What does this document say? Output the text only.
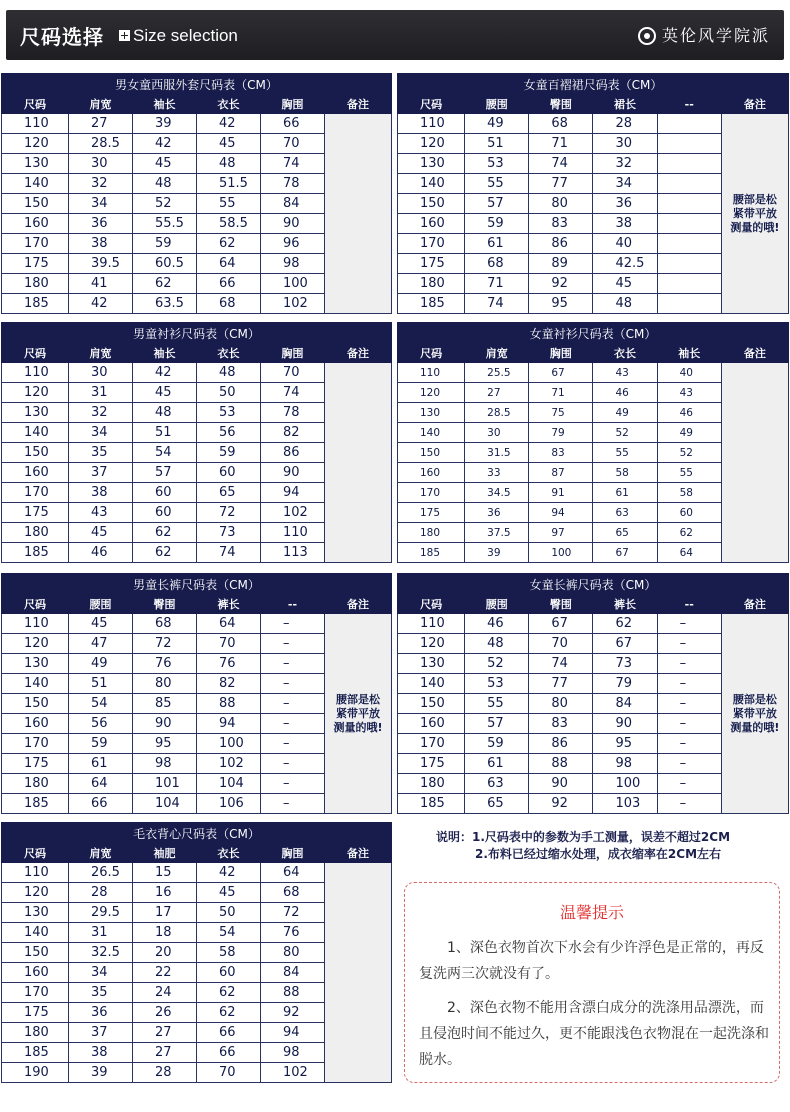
尺码选择	Size selection	英伦风学院派
男女童西服外套尺码表（CM）					
尺码	肩宽	袖长	衣长	胸围	备注
110	27	39	42	66	
120	28.5	42	45	70	
130	30	45	48	74	
140	32	48	51.5	78	
150	34	52	55	84	
160	36	55.5	58.5	90	
170	38	59	62	96	
175	39.5	60.5	64	98	
180	41	62	66	100	
185	42	63.5	68	102	
女童百褶裙尺码表（CM）					
尺码	腰围	臀围	裙长	--	备注
110	49	68	28		腰部是松紧带平放测量的哦!
120	51	71	30		
130	53	74	32		
140	55	77	34		
150	57	80	36		
160	59	83	38		
170	61	86	40		
175	68	89	42.5		
180	71	92	45		
185	74	95	48		
男童衬衫尺码表（CM）					
尺码	肩宽	袖长	衣长	胸围	备注
110	30	42	48	70	
120	31	45	50	74	
130	32	48	53	78	
140	34	51	56	82	
150	35	54	59	86	
160	37	57	60	90	
170	38	60	65	94	
175	43	60	72	102	
180	45	62	73	110	
185	46	62	74	113	
女童衬衫尺码表（CM）					
尺码	肩宽	胸围	衣长	袖长	备注
110	25.5	67	43	40	
120	27	71	46	43	
130	28.5	75	49	46	
140	30	79	52	49	
150	31.5	83	55	52	
160	33	87	58	55	
170	34.5	91	61	58	
175	36	94	63	60	
180	37.5	97	65	62	
185	39	100	67	64	
男童长裤尺码表（CM）					
尺码	腰围	臀围	裤长	--	备注
110	45	68	64	–	腰部是松紧带平放测量的哦!
120	47	72	70	–	
130	49	76	76	–	
140	51	80	82	–	
150	54	85	88	–	
160	56	90	94	–	
170	59	95	100	–	
175	61	98	102	–	
180	64	101	104	–	
185	66	104	106	–	
女童长裤尺码表（CM）					
尺码	腰围	臀围	裤长	--	备注
110	46	67	62	–	腰部是松紧带平放测量的哦!
120	48	70	67	–	
130	52	74	73	–	
140	53	77	79	–	
150	55	80	84	–	
160	57	83	90	–	
170	59	86	95	–	
175	61	88	98	–	
180	63	90	100	–	
185	65	92	103	–	
毛衣背心尺码表（CM）					
尺码	肩宽	袖肥	衣长	胸围	备注
110	26.5	15	42	64	
120	28	16	45	68	
130	29.5	17	50	72	
140	31	18	54	76	
150	32.5	20	58	80	
160	34	22	60	84	
170	35	24	62	88	
175	36	26	62	92	
180	37	27	66	94	
185	38	27	66	98	
190	39	28	70	102	
说明：1.尺码表中的参数为手工测量，误差不超过2CM
2.布料已经过缩水处理，成衣缩率在2CM左右
温馨提示
　　1、深色衣物首次下水会有少许浮色是正常的，再反复洗两三次就没有了。
　　2、深色衣物不能用含漂白成分的洗涤用品漂洗，而且侵泡时间不能过久，更不能跟浅色衣物混在一起洗涤和脱水。
